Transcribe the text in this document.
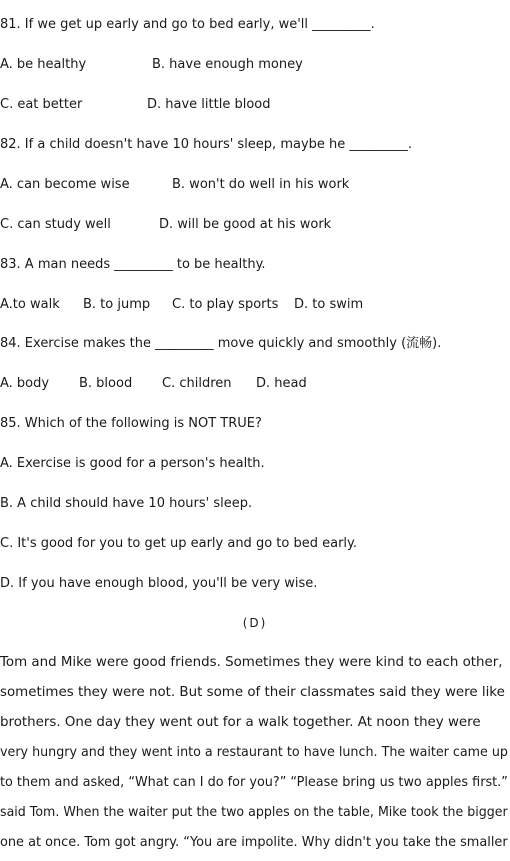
81. If we get up early and go to bed early, we'll _________.
A. be healthy	B. have enough money
C. eat better	D. have little blood
82. If a child doesn't have 10 hours' sleep, maybe he _________.
A. can become wise	B. won't do well in his work
C. can study well	D. will be good at his work
83. A man needs _________ to be healthy.
A.to walk B. to jump C. to play sports D. to swim
84. Exercise makes the _________ move quickly and smoothly (流畅).
A. body B. blood C. children D. head
85. Which of the following is NOT TRUE?
A. Exercise is good for a person's health.
B. A child should have 10 hours' sleep.
C. It's good for you to get up early and go to bed early.
D. If you have enough blood, you'll be very wise.
(D)
Tom and Mike were good friends. Sometimes they were kind to each other,
sometimes they were not. But some of their classmates said they were like
brothers. One day they went out for a walk together. At noon they were
very hungry and they went into a restaurant to have lunch. The waiter came up
to them and asked, “What can I do for you?” “Please bring us two apples first.”
said Tom. When the waiter put the two apples on the table, Mike took the bigger
one at once. Tom got angry. “You are impolite. Why didn't you take the smaller
